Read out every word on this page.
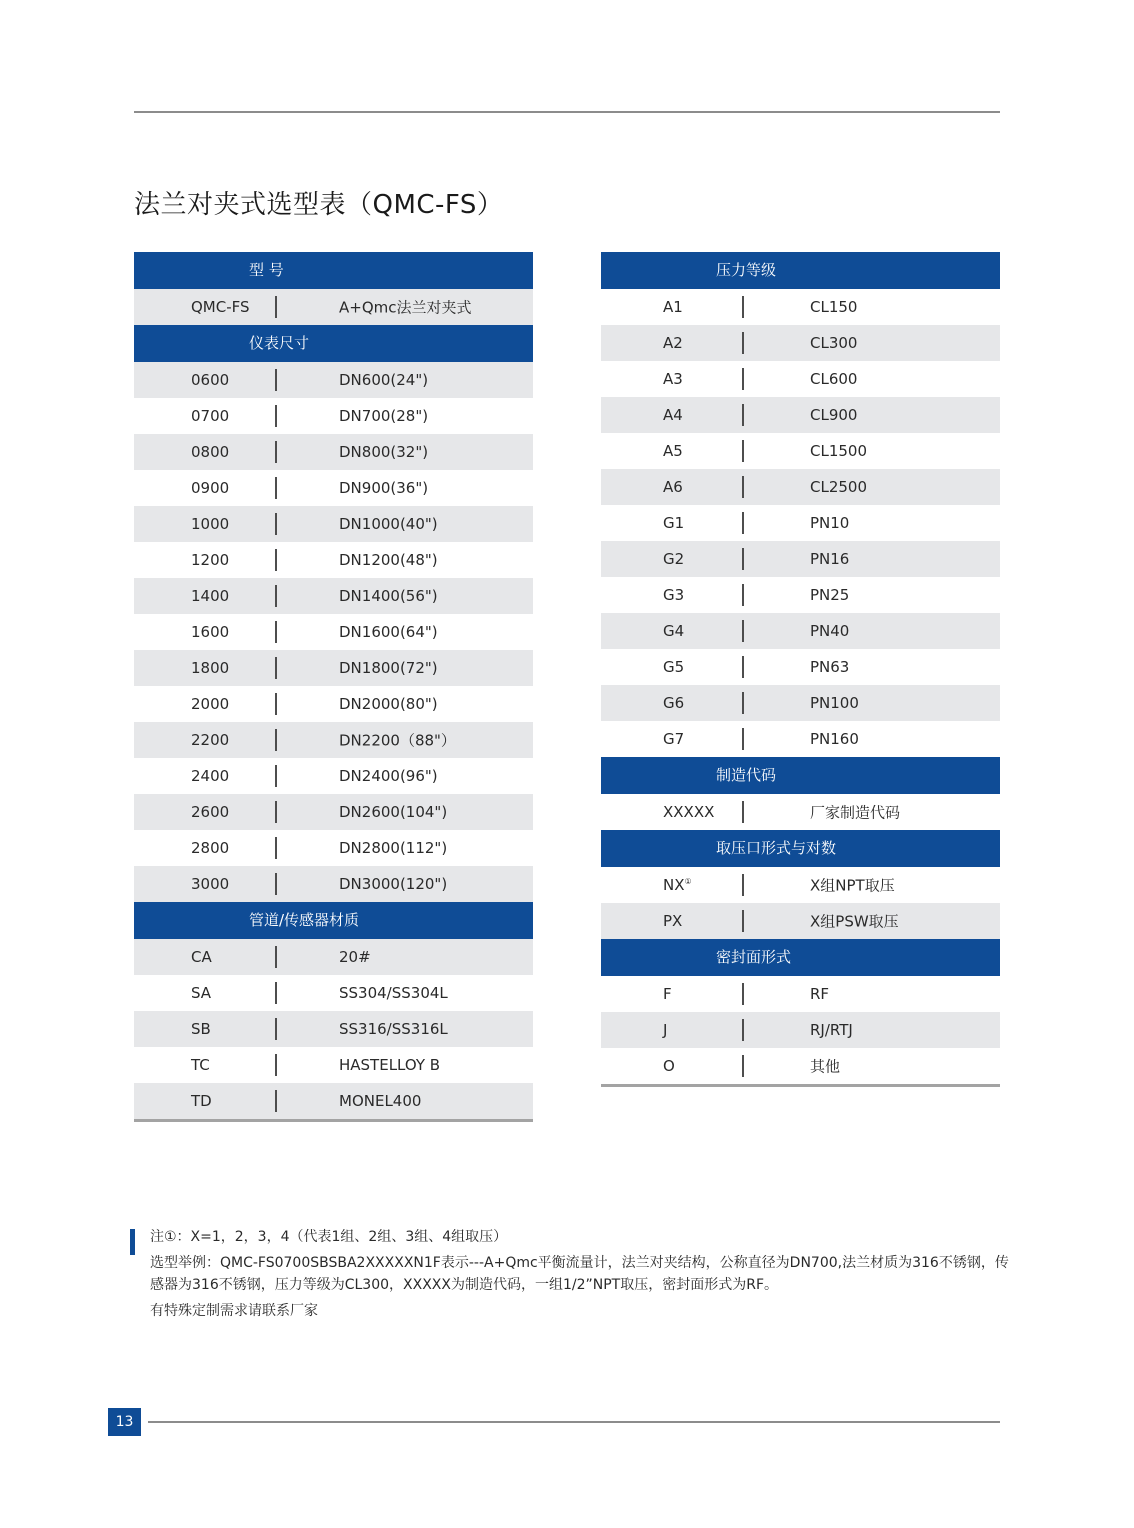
法兰对夹式选型表（QMC-FS）
型 号
QMC-FS	A+Qmc法兰对夹式
仪表尺寸
0600	DN600(24")
0700	DN700(28")
0800	DN800(32")
0900	DN900(36")
1000	DN1000(40")
1200	DN1200(48")
1400	DN1400(56")
1600	DN1600(64")
1800	DN1800(72")
2000	DN2000(80")
2200	DN2200（88"）
2400	DN2400(96")
2600	DN2600(104")
2800	DN2800(112")
3000	DN3000(120")
管道/传感器材质
CA	20#
SA	SS304/SS304L
SB	SS316/SS316L
TC	HASTELLOY B
TD	MONEL400
压力等级
A1	CL150
A2	CL300
A3	CL600
A4	CL900
A5	CL1500
A6	CL2500
G1	PN10
G2	PN16
G3	PN25
G4	PN40
G5	PN63
G6	PN100
G7	PN160
制造代码
XXXXX	厂家制造代码
取压口形式与对数
NX①	X组NPT取压
PX	X组PSW取压
密封面形式
F	RF
J	RJ/RTJ
O	其他
注①：X=1，2，3，4（代表1组、2组、3组、4组取压）
选型举例：QMC-FS0700SBSBA2XXXXXN1F表示---A+Qmc平衡流量计，法兰对夹结构，公称直径为DN700,法兰材质为316不锈钢，传感器为316不锈钢，压力等级为CL300，XXXXX为制造代码，一组1/2”NPT取压，密封面形式为RF。
有特殊定制需求请联系厂家
13
